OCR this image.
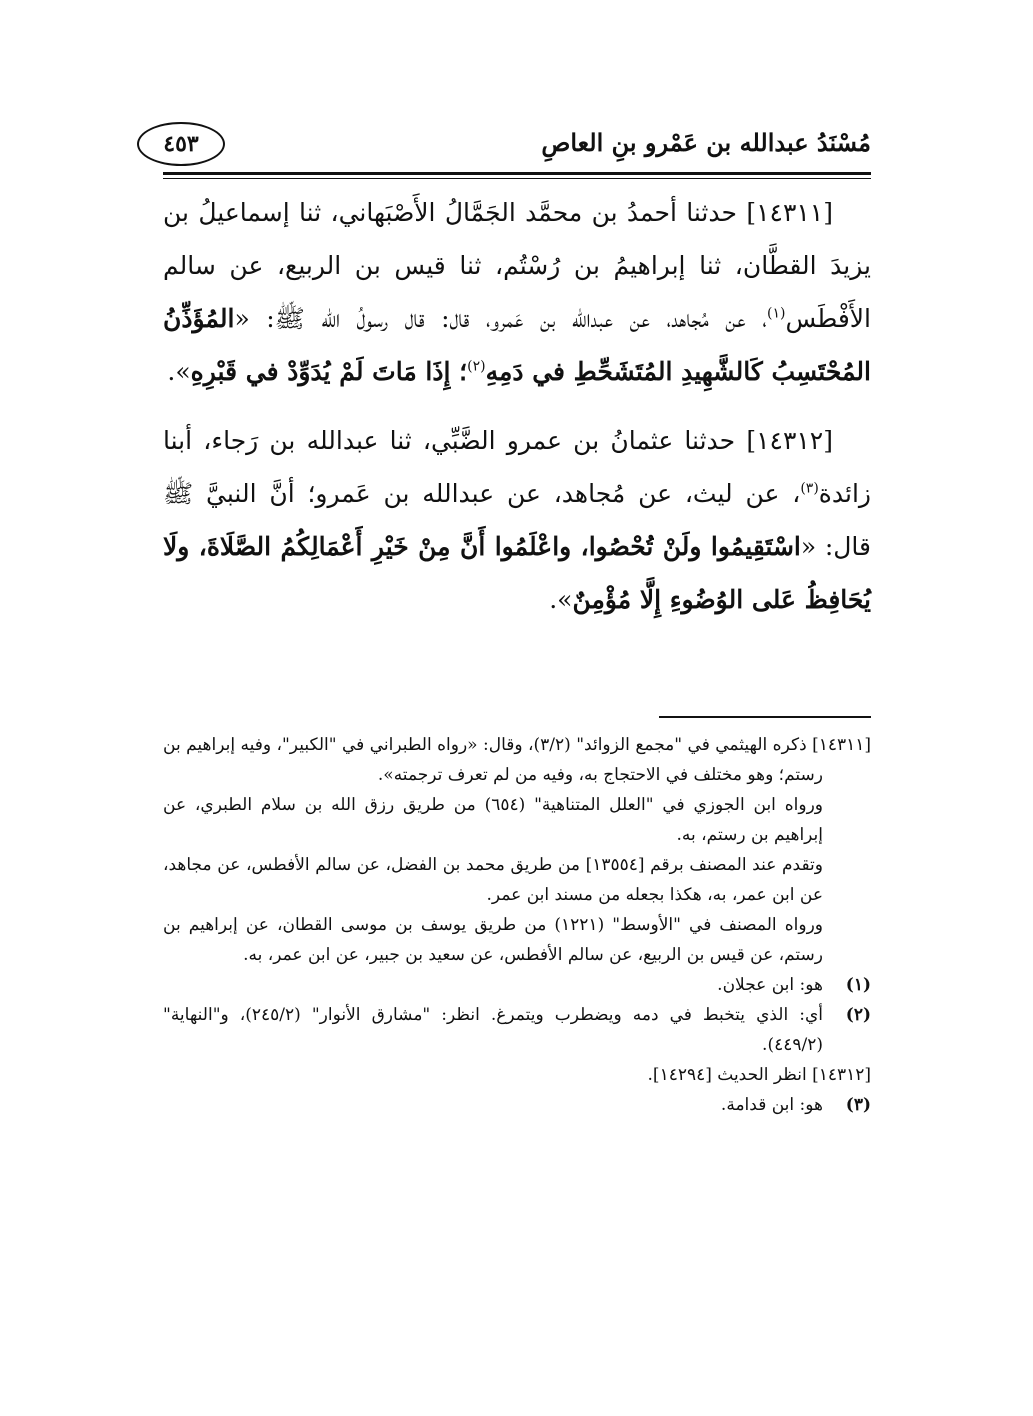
مُسْنَدُ عبدالله بن عَمْرو بنِ العاصِ
٤٥٣

[١٤٣١١] حدثنا أحمدُ بن محمَّد الجَمَّالُ الأَصْبَهاني، ثنا إسماعيلُ بن يزيدَ القطَّان، ثنا إبراهيمُ بن رُسْتُم، ثنا قيس بن الربيع، عن سالم الأَفْطَس$^{(١)}$، عن مُجاهد، عن عبدالله بن عَمرو، قال: قال رسولُ الله ﷺ: «المُؤَذِّنُ المُحْتَسِبُ كَالشَّهِيدِ المُتَشَحِّطِ في دَمِهِ$^{(٢)}$؛ إِذَا مَاتَ لَمْ يُدَوِّدْ في قَبْرِهِ».

[١٤٣١٢] حدثنا عثمانُ بن عمرو الضَّبِّي، ثنا عبدالله بن رَجاء، أبنا زائدة$^{(٣)}$، عن ليث، عن مُجاهد، عن عبدالله بن عَمرو؛ أنَّ النبيَّ ﷺ قال: «اسْتَقِيمُوا ولَنْ تُحْصُوا، واعْلَمُوا أَنَّ مِنْ خَيْرِ أَعْمَالِكُمُ الصَّلَاةَ، ولَا يُحَافِظُ عَلى الوُضُوءِ إِلَّا مُؤْمِنٌ».

[١٤٣١١] ذكره الهيثمي في "مجمع الزوائد" (٣/٢)، وقال: «رواه الطبراني في "الكبير"، وفيه إبراهيم بن رستم؛ وهو مختلف في الاحتجاج به، وفيه من لم تعرف ترجمته».

ورواه ابن الجوزي في "العلل المتناهية" (٦٥٤) من طريق رزق الله بن سلام الطبري، عن إبراهيم بن رستم، به.

وتقدم عند المصنف برقم [١٣٥٥٤] من طريق محمد بن الفضل، عن سالم الأفطس، عن مجاهد، عن ابن عمر، به، هكذا بجعله من مسند ابن عمر.

ورواه المصنف في "الأوسط" (١٢٢١) من طريق يوسف بن موسى القطان، عن إبراهيم بن رستم، عن قيس بن الربيع، عن سالم الأفطس، عن سعيد بن جبير، عن ابن عمر، به.

(١)هو: ابن عجلان.

(٢)أي: الذي يتخبط في دمه ويضطرب ويتمرغ. انظر: "مشارق الأنوار" (٢٤٥/٢)، و"النهاية" (٤٤٩/٢).

[١٤٣١٢] انظر الحديث [١٤٢٩٤].

(٣)هو: ابن قدامة.
